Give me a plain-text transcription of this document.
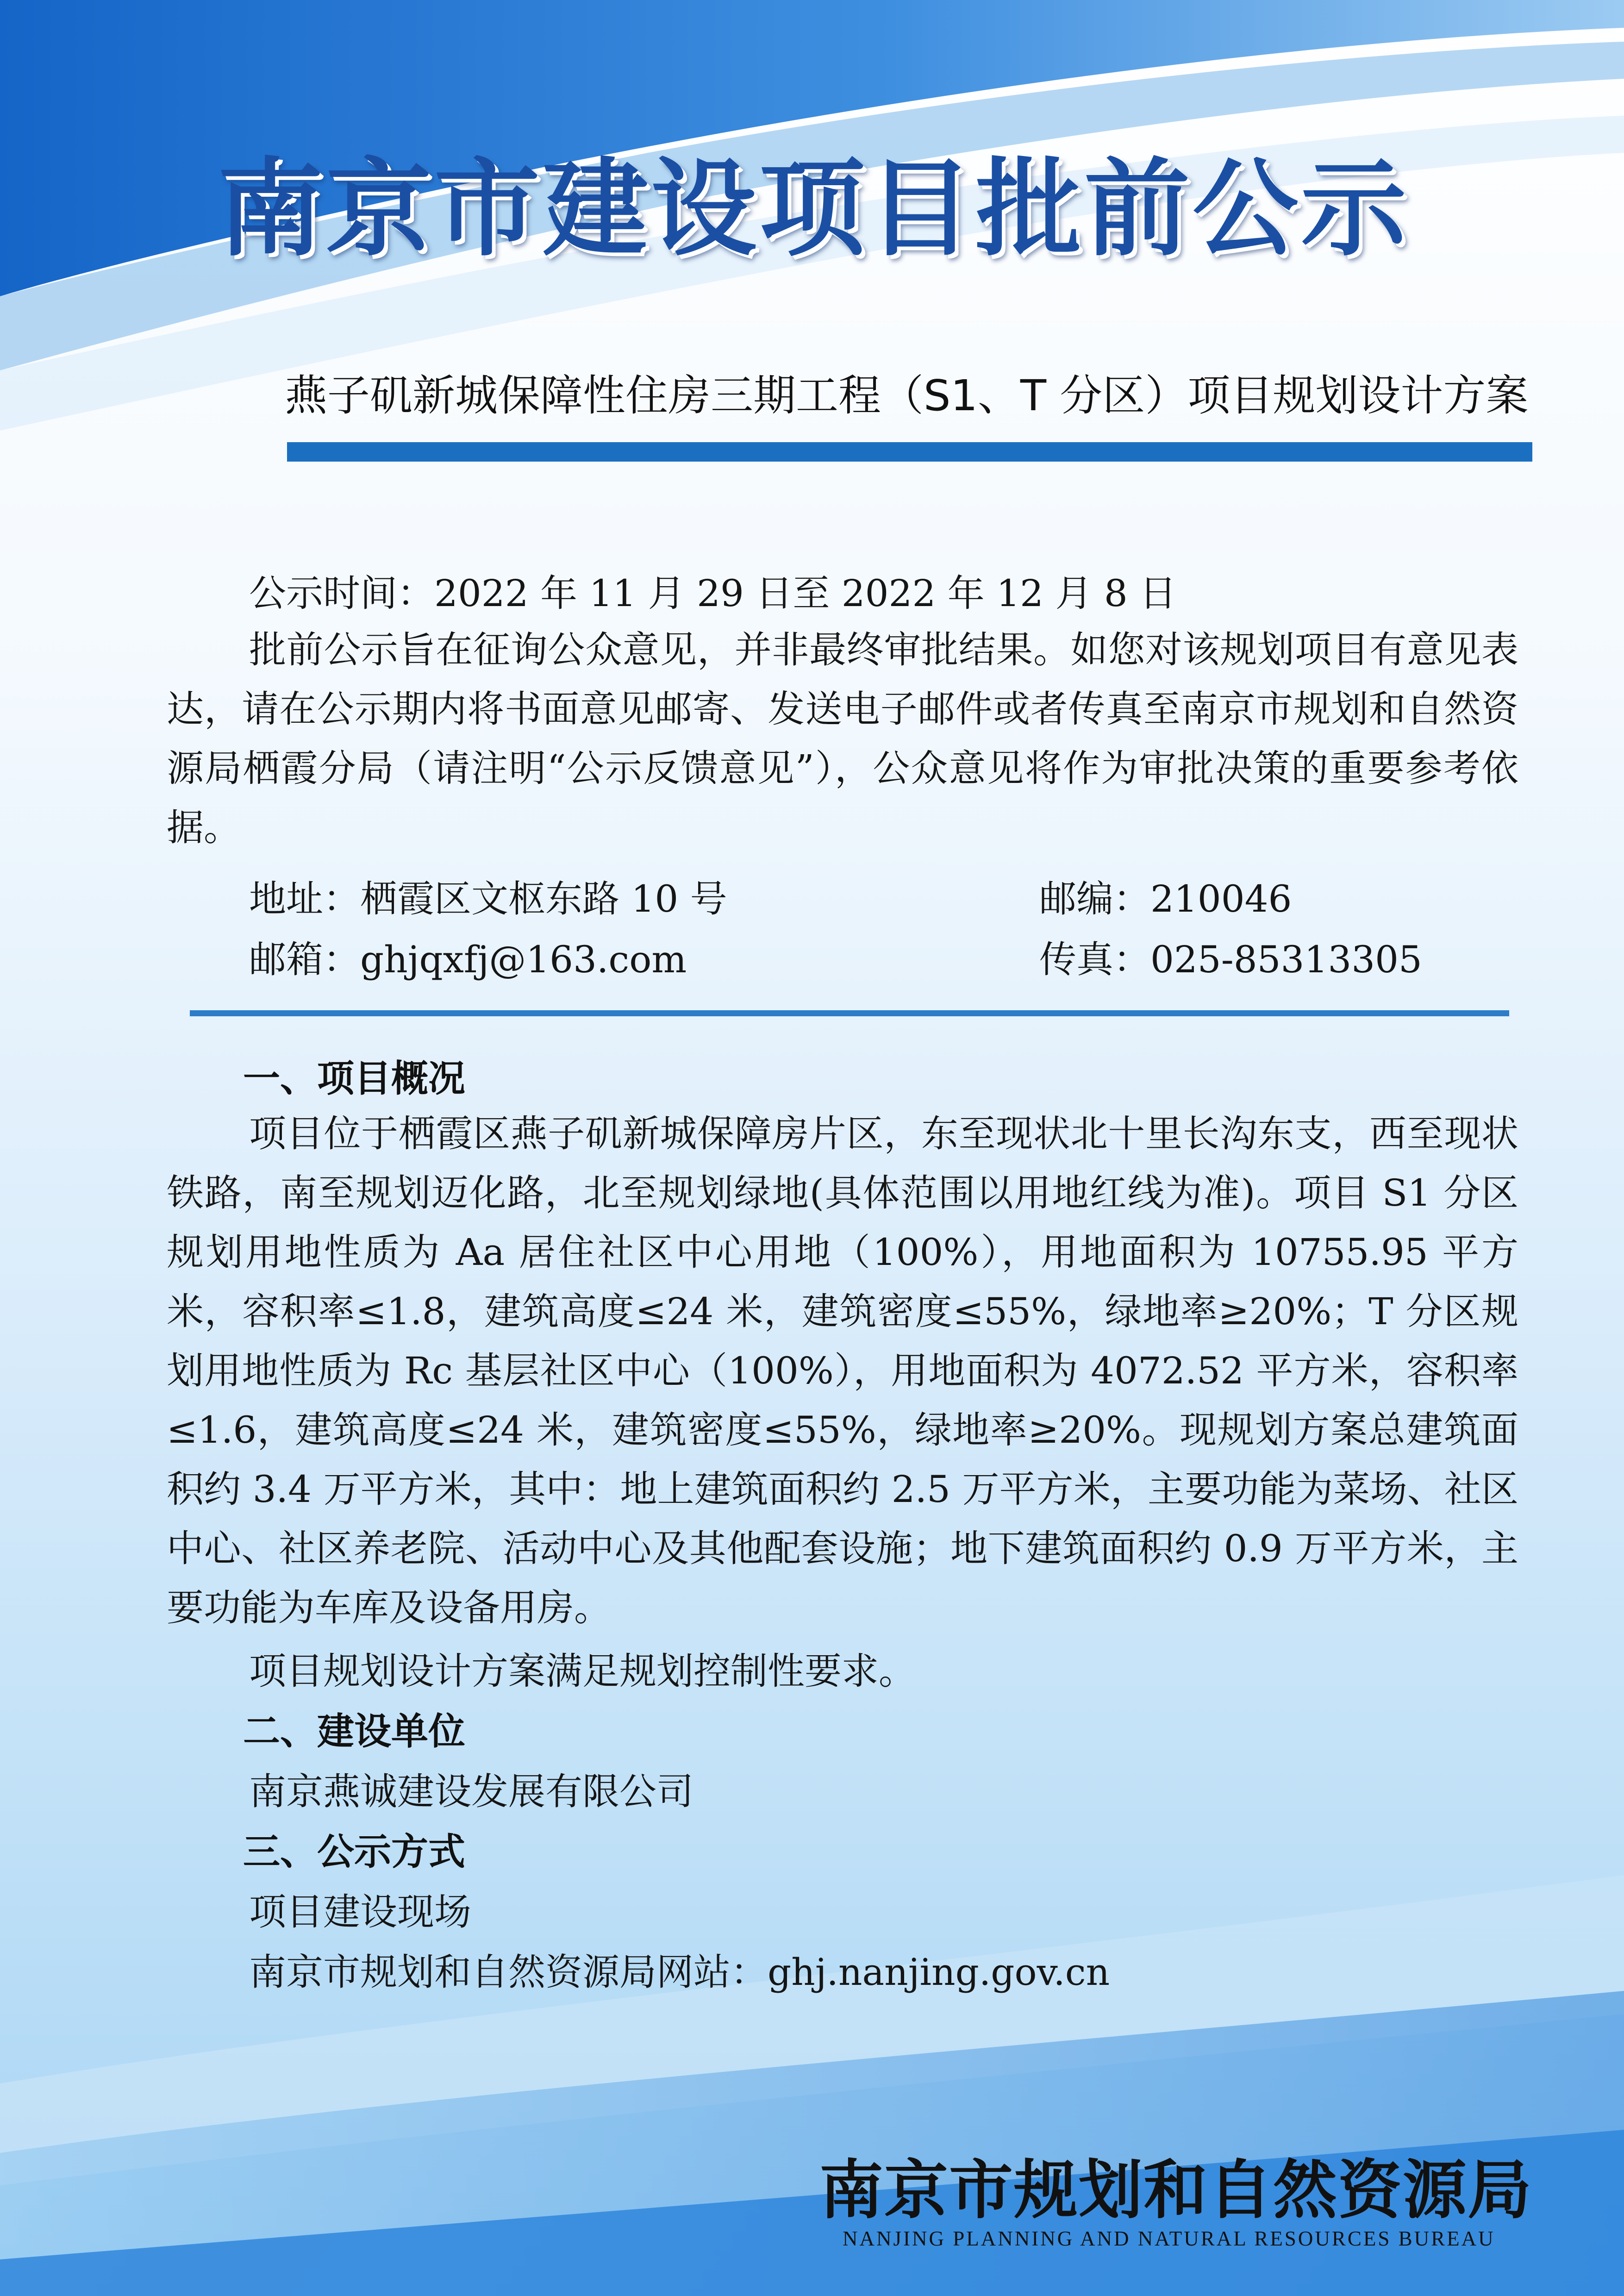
南京市建设项目批前公示
燕子矶新城保障性住房三期工程（S1、T 分区）项目规划设计方案
公示时间：2022 年 11 月 29 日至 2022 年 12 月 8 日

批前公示旨在征询公众意见，并非最终审批结果。如您对该规划项目有意见表达，请在公示期内将书面意见邮寄、发送电子邮件或者传真至南京市规划和自然资源局栖霞分局（请注明“公示反馈意见”），公众意见将作为审批决策的重要参考依据。

地址：栖霞区文枢东路 10 号	邮编：210046
邮箱：ghjqxfj@163.com	传真：025-85313305
一、项目概况

项目位于栖霞区燕子矶新城保障房片区，东至现状北十里长沟东支，西至现状铁路，南至规划迈化路，北至规划绿地(具体范围以用地红线为准)。项目 S1 分区规划用地性质为 Aa 居住社区中心用地（100%），用地面积为 10755.95 平方米，容积率≤1.8，建筑高度≤24 米，建筑密度≤55%，绿地率≥20%；T 分区规划用地性质为 Rc 基层社区中心（100%），用地面积为 4072.52 平方米，容积率≤1.6，建筑高度≤24 米，建筑密度≤55%，绿地率≥20%。现规划方案总建筑面积约 3.4 万平方米，其中：地上建筑面积约 2.5 万平方米，主要功能为菜场、社区中心、社区养老院、活动中心及其他配套设施；地下建筑面积约 0.9 万平方米，主要功能为车库及设备用房。

项目规划设计方案满足规划控制性要求。
二、建设单位
南京燕诚建设发展有限公司
三、公示方式
项目建设现场
南京市规划和自然资源局网站：ghj.nanjing.gov.cn
南京市规划和自然资源局
NANJING PLANNING AND NATURAL RESOURCES BUREAU
